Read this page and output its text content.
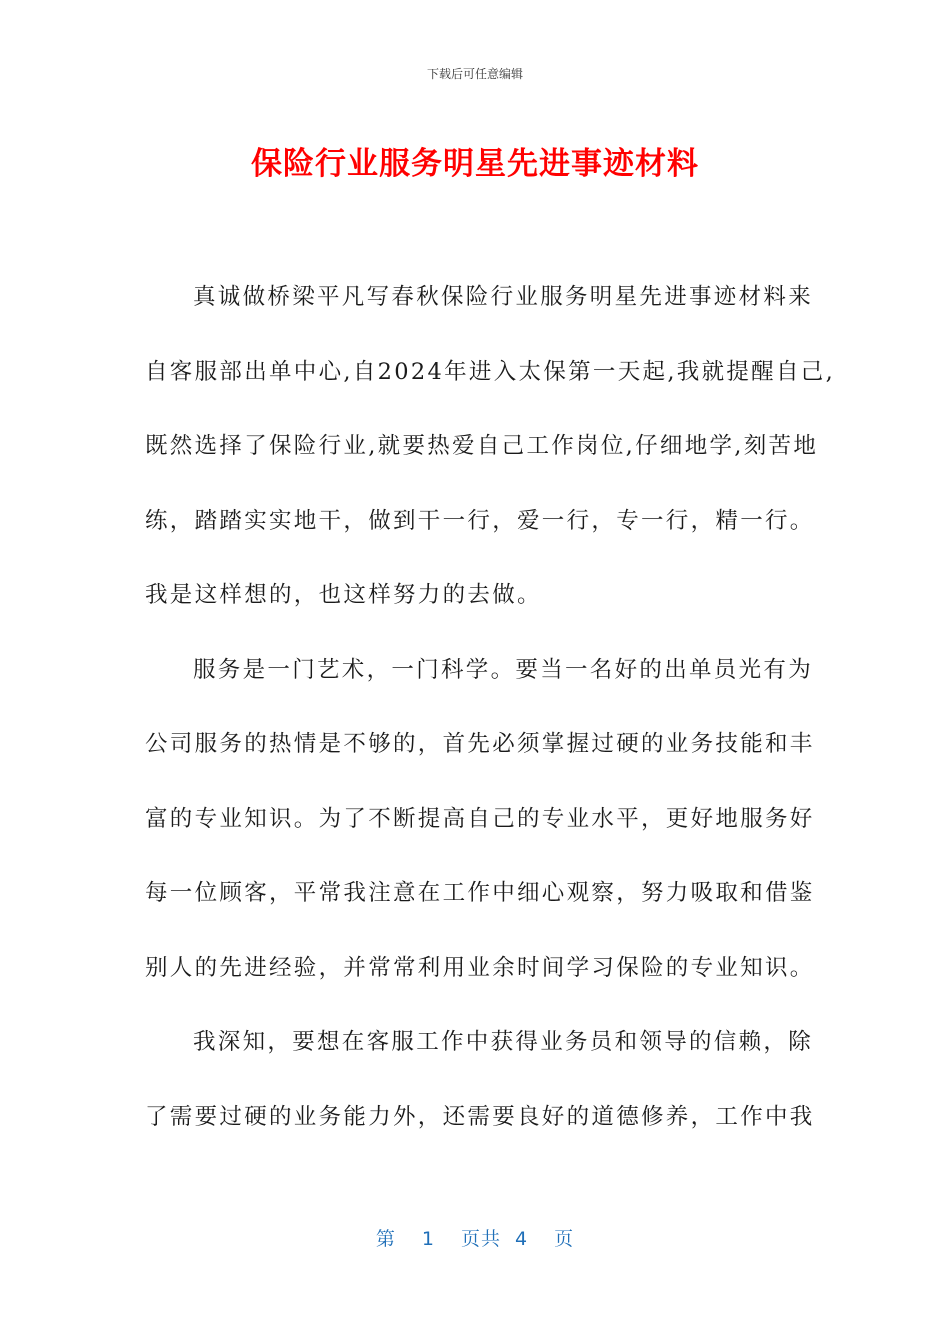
下载后可任意编辑
保险行业服务明星先进事迹材料
真诚做桥梁平凡写春秋保险行业服务明星先进事迹材料来
自客服部出单中心,自2024年进入太保第一天起,我就提醒自己,
既然选择了保险行业,就要热爱自己工作岗位,仔细地学,刻苦地
练，踏踏实实地干，做到干一行，爱一行，专一行，精一行。
我是这样想的，也这样努力的去做。
服务是一门艺术，一门科学。要当一名好的出单员光有为
公司服务的热情是不够的，首先必须掌握过硬的业务技能和丰
富的专业知识。为了不断提高自己的专业水平，更好地服务好
每一位顾客，平常我注意在工作中细心观察，努力吸取和借鉴
别人的先进经验，并常常利用业余时间学习保险的专业知识。
我深知，要想在客服工作中获得业务员和领导的信赖，除
了需要过硬的业务能力外，还需要良好的道德修养，工作中我
第 1 页共 4 页
